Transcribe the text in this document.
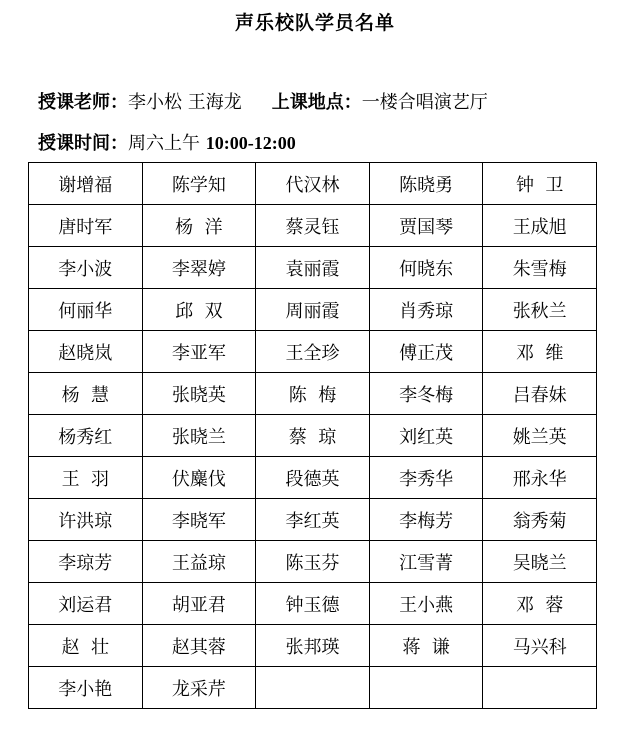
声乐校队学员名单
授课老师：李小松 王海龙 上课地点：一楼合唱演艺厅
授课时间：周六上午 10:00-12:00
谢增福	陈学知	代汉林	陈晓勇	钟  卫
唐时军	杨  洋	蔡灵钰	贾国琴	王成旭
李小波	李翠婷	袁丽霞	何晓东	朱雪梅
何丽华	邱  双	周丽霞	肖秀琼	张秋兰
赵晓岚	李亚军	王全珍	傅正茂	邓  维
杨  慧	张晓英	陈  梅	李冬梅	吕春妹
杨秀红	张晓兰	蔡  琼	刘红英	姚兰英
王  羽	伏麋伐	段德英	李秀华	邢永华
许洪琼	李晓军	李红英	李梅芳	翁秀菊
李琼芳	王益琼	陈玉芬	江雪菁	吴晓兰
刘运君	胡亚君	钟玉德	王小燕	邓  蓉
赵  壮	赵其蓉	张邦瑛	蒋  谦	马兴科
李小艳	龙采芹			
